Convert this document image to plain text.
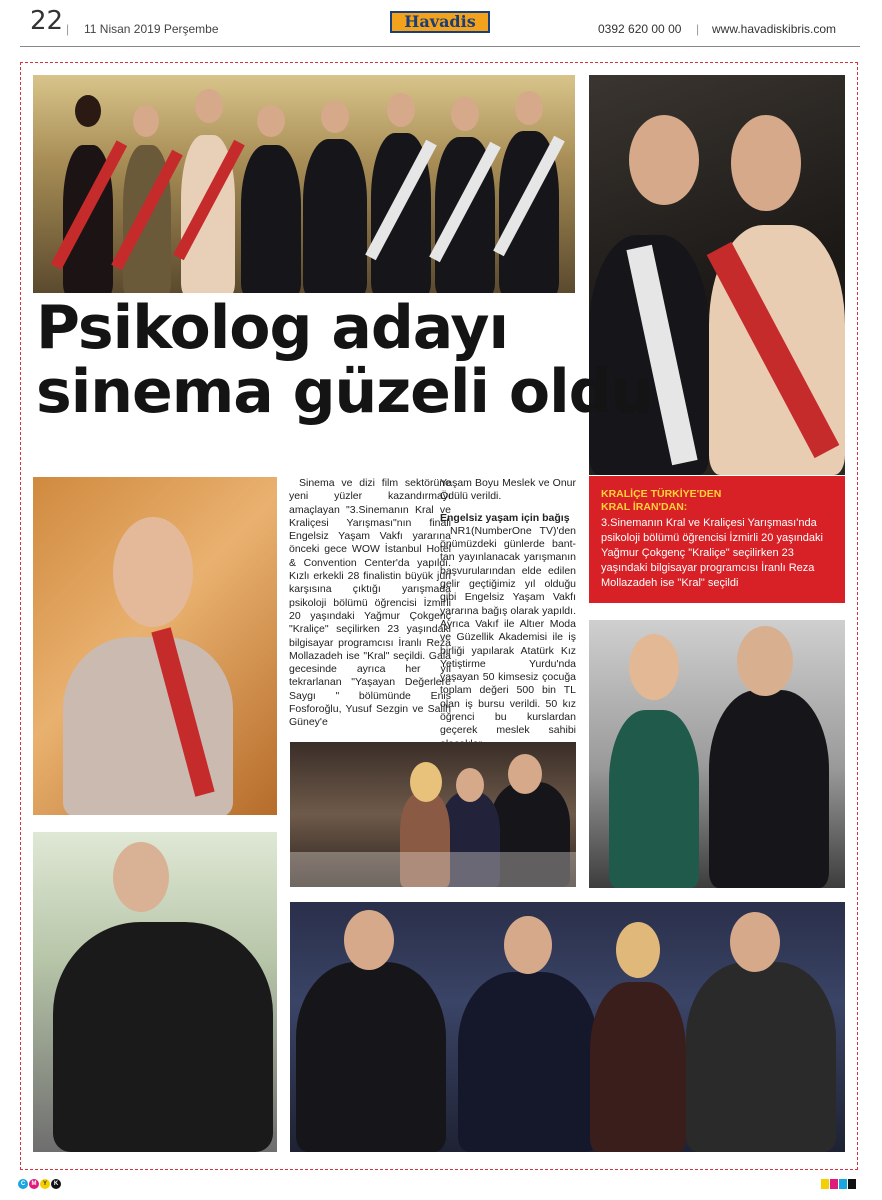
22 | 11 Nisan 2019 Perşembe	Havadis	0392 620 00 00 | www.havadiskibris.com
Psikolog adayı
sinema güzeli oldu

Sinema ve dizi film sektörüne yeni yüzler kazandırmayı amaçlayan "3.Sinemanın Kral ve Kraliçesi Yarışması"nın finali Engelsiz Yaşam Vakfı yararına önceki gece WOW İstanbul Hotel & Convention Center'da yapıldı. Kızlı erkekli 28 finalistin büyük jüri karşısına çıktığı yarışmada psikoloji bölümü öğrencisi İzmirli 20 yaşındaki Yağmur Çokgenç "Kraliçe" seçilirken 23 yaşındaki bilgisayar programcısı İranlı Reza Mollazadeh ise "Kral" seçildi. Gala gecesinde ayrıca her yıl tekrarlanan "Yaşayan Değerlere Saygı " bölümünde Enis Fosforoğlu, Yusuf Sezgin ve Salih Güney'e

Yaşam Boyu Meslek ve Onur Ödülü verildi.

Engelsiz yaşam için bağış

NR1(NumberOne TV)'den önümüzdeki günlerde banttan yayınlanacak yarışmanın başvurularından elde edilen gelir geçtiğimiz yıl olduğu gibi Engelsiz Yaşam Vakfı yararına bağış olarak yapıldı. Ayrıca Vakıf ile Altıer Moda ve Güzellik Akademisi ile iş birliği yapılarak Atatürk Kız Yetiştirme Yurdu'nda yaşayan 50 kimsesiz çocuğa toplam değeri 500 bin TL olan iş bursu verildi. 50 kız öğrenci bu kurslardan geçerek meslek sahibi

KRALİÇE TÜRKİYE'DEN
KRAL İRAN'DAN:
3.Sinemanın Kral ve Kraliçesi Yarışması'nda psikoloji bölümü öğrencisi İzmirli 20 yaşındaki Yağmur Çokgenç "Kraliçe" seçilirken 23 yaşındaki bilgisayar programcısı İranlı Reza Mollazadeh ise "Kral" seçildi
C M Y K
